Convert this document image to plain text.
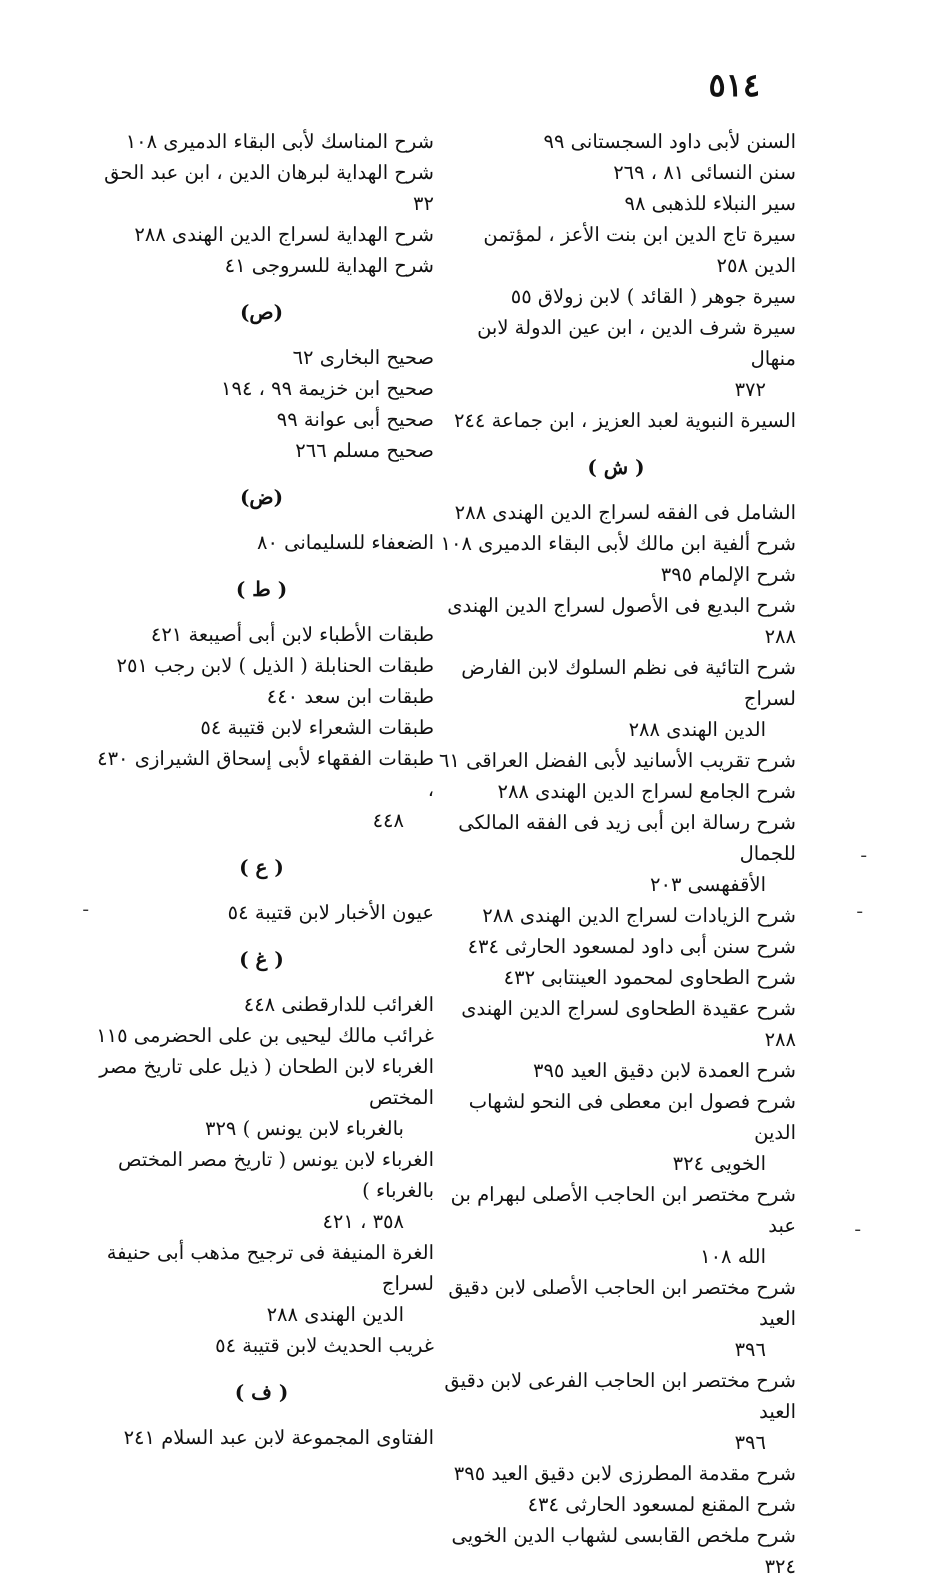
٥١٤
السنن لأبى داود السجستانى ٩٩
سنن النسائى ٨١ ، ٢٦٩
سير النبلاء للذهبى ٩٨
سيرة تاج الدين ابن بنت الأعز ، لمؤتمن الدين ٢٥٨
سيرة جوهر ( القائد ) لابن زولاق ٥٥
سيرة شرف الدين ، ابن عين الدولة لابن منهال

٣٧٢
السيرة النبوية لعبد العزيز ، ابن جماعة ٢٤٤
( ش )
الشامل فى الفقه لسراج الدين الهندى ٢٨٨
شرح ألفية ابن مالك لأبى البقاء الدميرى ١٠٨
شرح الإلمام ٣٩٥
شرح البديع فى الأصول لسراج الدين الهندى ٢٨٨
شرح التائية فى نظم السلوك لابن الفارض لسراج

الدين الهندى ٢٨٨
شرح تقريب الأسانيد لأبى الفضل العراقى ٦١
شرح الجامع لسراج الدين الهندى ٢٨٨
شرح رسالة ابن أبى زيد فى الفقه المالكى للجمال

الأقفهسى ٢٠٣
شرح الزيادات لسراج الدين الهندى ٢٨٨
شرح سنن أبى داود لمسعود الحارثى ٤٣٤
شرح الطحاوى لمحمود العينتابى ٤٣٢
شرح عقيدة الطحاوى لسراج الدين الهندى ٢٨٨
شرح العمدة لابن دقيق العيد ٣٩٥
شرح فصول ابن معطى فى النحو لشهاب الدين

الخويى ٣٢٤
شرح مختصر ابن الحاجب الأصلى لبهرام بن عبد

الله ١٠٨
شرح مختصر ابن الحاجب الأصلى لابن دقيق العيد

٣٩٦
شرح مختصر ابن الحاجب الفرعى لابن دقيق العيد

٣٩٦
شرح مقدمة المطرزى لابن دقيق العيد ٣٩٥
شرح المقنع لمسعود الحارثى ٤٣٤
شرح ملخص القابسى لشهاب الدين الخويى ٣٢٤
شرح المناسك لأبى البقاء الدميرى ١٠٨
شرح الهداية لبرهان الدين ، ابن عبد الحق ٣٢
شرح الهداية لسراج الدين الهندى ٢٨٨
شرح الهداية للسروجى ٤١
(ص)
صحيح البخارى ٦٢
صحيح ابن خزيمة ٩٩ ، ١٩٤
صحيح أبى عوانة ٩٩
صحيح مسلم ٢٦٦
(ض)
الضعفاء للسليمانى ٨٠
( ط )
طبقات الأطباء لابن أبى أصيبعة ٤٢١
طبقات الحنابلة ( الذيل ) لابن رجب ٢٥١
طبقات ابن سعد ٤٤٠
طبقات الشعراء لابن قتيبة ٥٤
طبقات الفقهاء لأبى إسحاق الشيرازى ٤٣٠ ،

٤٤٨
( ع )
عيون الأخبار لابن قتيبة ٥٤
( غ )
الغرائب للدارقطنى ٤٤٨
غرائب مالك ليحيى بن على الحضرمى ١١٥
الغرباء لابن الطحان ( ذيل على تاريخ مصر المختص

بالغرباء لابن يونس ) ٣٢٩
الغرباء لابن يونس ( تاريخ مصر المختص بالغرباء )

٣٥٨ ، ٤٢١
الغرة المنيفة فى ترجيح مذهب أبى حنيفة لسراج

الدين الهندى ٢٨٨
غريب الحديث لابن قتيبة ٥٤
( ف )
الفتاوى المجموعة لابن عبد السلام ٢٤١
ـ
ـ
ـ
ـ
